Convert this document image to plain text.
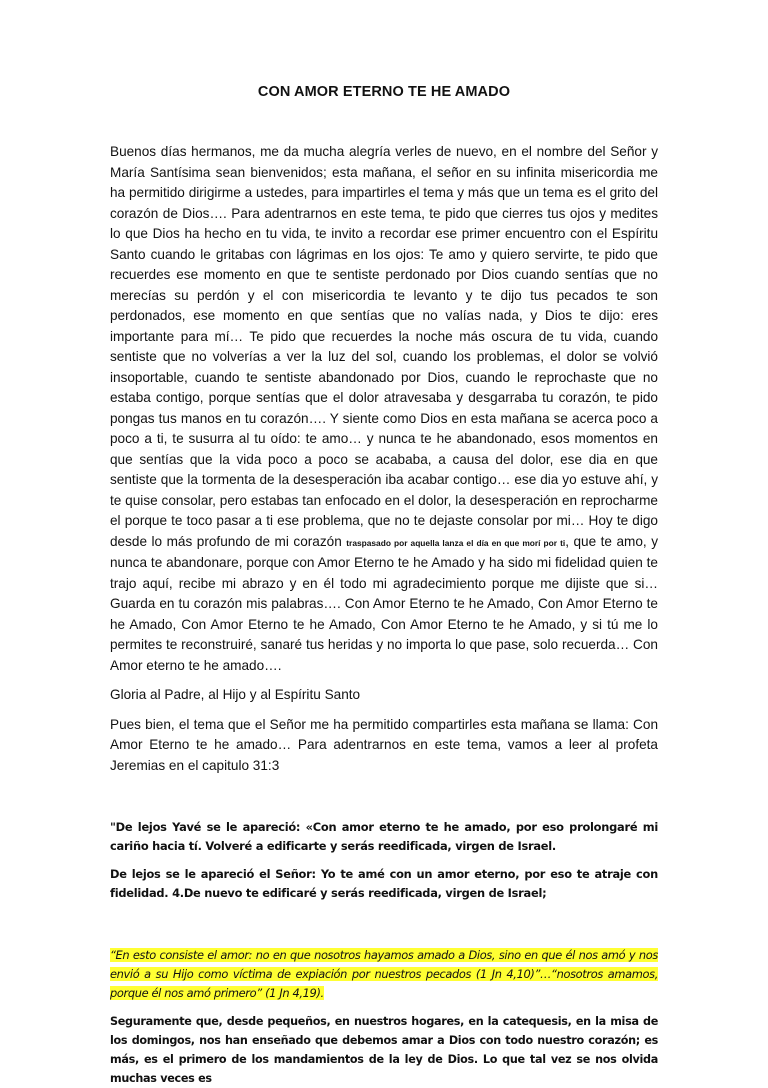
CON AMOR ETERNO TE HE AMADO

Buenos días hermanos, me da mucha alegría verles de nuevo, en el nombre del Señor y María Santísima sean bienvenidos; esta mañana, el señor en su infinita misericordia me ha permitido dirigirme a ustedes, para impartirles el tema y más que un tema es el grito del corazón de Dios…. Para adentrarnos en este tema, te pido que cierres tus ojos y medites lo que Dios ha hecho en tu vida, te invito a recordar ese primer encuentro con el Espíritu Santo cuando le gritabas con lágrimas en los ojos: Te amo y quiero servirte, te pido que recuerdes ese momento en que te sentiste perdonado por Dios cuando sentías que no merecías su perdón y el con misericordia te levanto y te dijo tus pecados te son perdonados, ese momento en que sentías que no valías nada, y Dios te dijo: eres importante para mí… Te pido que recuerdes la noche más oscura de tu vida, cuando sentiste que no volverías a ver la luz del sol, cuando los problemas, el dolor se volvió insoportable, cuando te sentiste abandonado por Dios, cuando le reprochaste que no estaba contigo, porque sentías que el dolor atravesaba y desgarraba tu corazón, te pido pongas tus manos en tu corazón…. Y siente como Dios en esta mañana se acerca poco a poco a ti, te susurra al tu oído: te amo… y nunca te he abandonado, esos momentos en que sentías que la vida poco a poco se acababa, a causa del dolor, ese dia en que sentiste que la tormenta de la desesperación iba acabar contigo… ese dia yo estuve ahí, y te quise consolar, pero estabas tan enfocado en el dolor, la desesperación en reprocharme el porque te toco pasar a ti ese problema, que no te dejaste consolar por mi… Hoy te digo desde lo más profundo de mi corazón traspasado por aquella lanza el día en que morí por ti, que te amo, y nunca te abandonare, porque con Amor Eterno te he Amado y ha sido mi fidelidad quien te trajo aquí, recibe mi abrazo y en él todo mi agradecimiento porque me dijiste que si… Guarda en tu corazón mis palabras…. Con Amor Eterno te he Amado, Con Amor Eterno te he Amado, Con Amor Eterno te he Amado, Con Amor Eterno te he Amado, y si tú me lo permites te reconstruiré, sanaré tus heridas y no importa lo que pase, solo recuerda… Con Amor eterno te he amado….

Gloria al Padre, al Hijo y al Espíritu Santo

Pues bien, el tema que el Señor me ha permitido compartirles esta mañana se llama: Con Amor Eterno te he amado… Para adentrarnos en este tema, vamos a leer al profeta Jeremias en el capitulo 31:3

"De lejos Yavé se le apareció: «Con amor eterno te he amado, por eso prolongaré mi cariño hacia tí. Volveré a edificarte y serás reedificada, virgen de Israel.

De lejos se le apareció el Señor: Yo te amé con un amor eterno, por eso te atraje con fidelidad. 4.De nuevo te edificaré y serás reedificada, virgen de Israel;

“En esto consiste el amor: no en que nosotros hayamos amado a Dios, sino en que él nos amó y nos envió a su Hijo como víctima de expiación por nuestros pecados (1 Jn 4,10)”…“nosotros amamos, porque él nos amó primero” (1 Jn 4,19).

Seguramente que, desde pequeños, en nuestros hogares, en la catequesis, en la misa de los domingos, nos han enseñado que debemos amar a Dios con todo nuestro corazón; es más, es el primero de los mandamientos de la ley de Dios. Lo que tal vez se nos olvida muchas veces es
